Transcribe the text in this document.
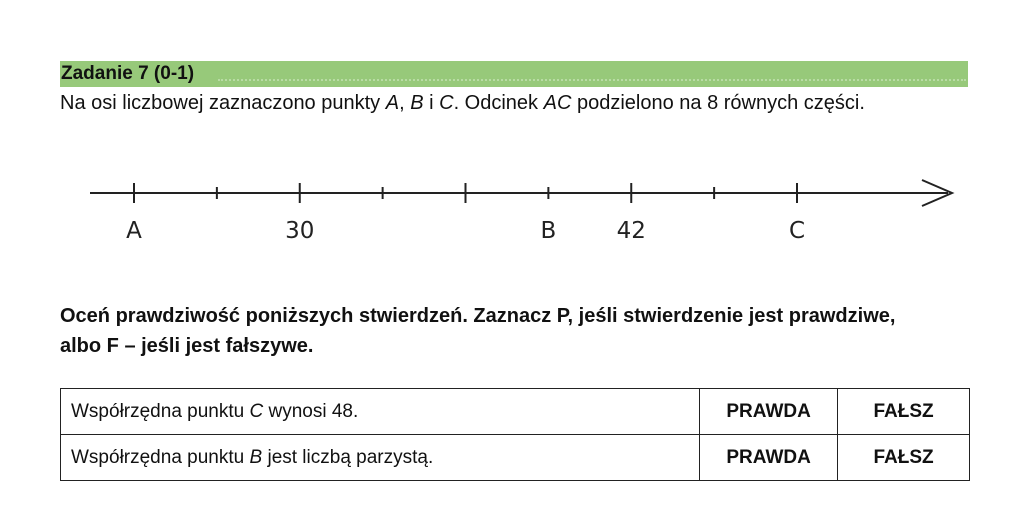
Zadanie 7 (0-1)
Na osi liczbowej zaznaczono punkty A, B i C. Odcinek AC podzielono na 8 równych części.
A	30	B	42	C
Oceń prawdziwość poniższych stwierdzeń. Zaznacz P, jeśli stwierdzenie jest prawdziwe, albo F – jeśli jest fałszywe.
Współrzędna punktu C wynosi 48.	PRAWDA	FAŁSZ
Współrzędna punktu B jest liczbą parzystą.	PRAWDA	FAŁSZ
